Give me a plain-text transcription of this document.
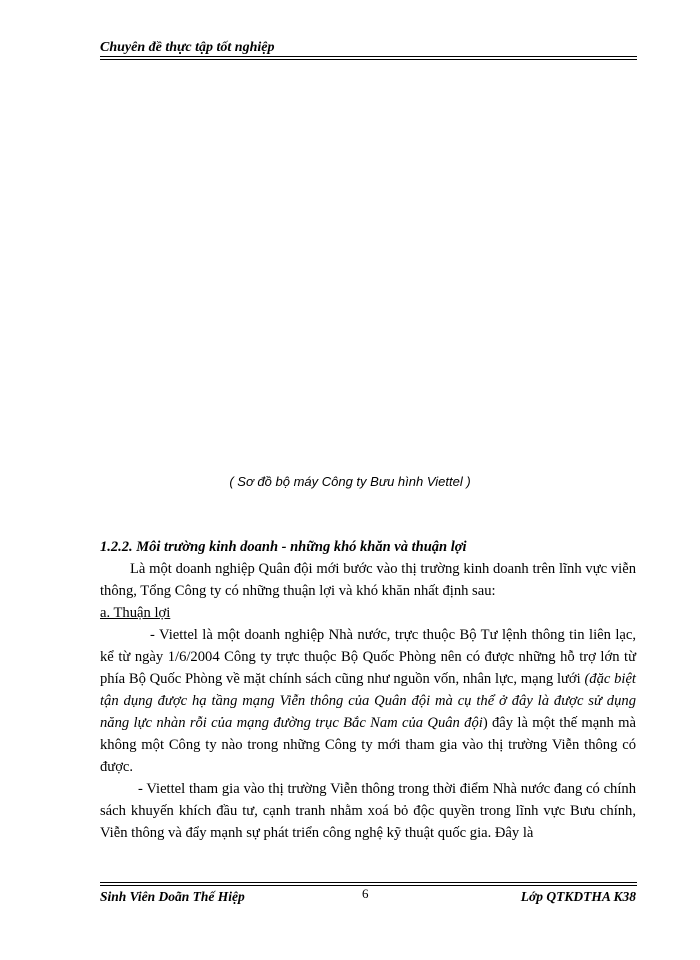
Chuyên đề thực tập tốt nghiệp
( Sơ đồ bộ máy Công ty Bưu hình Viettel )

1.2.2. Môi trường kinh doanh - những khó khăn và thuận lợi

Là một doanh nghiệp Quân đội mới bước vào thị trường kinh doanh trên lĩnh vực viễn thông, Tổng Công ty có những thuận lợi và khó khăn nhất định sau:

a. Thuận lợi

- Viettel là một doanh nghiệp Nhà nước, trực thuộc Bộ Tư lệnh thông tin liên lạc, kể từ ngày 1/6/2004 Công ty trực thuộc Bộ Quốc Phòng nên có được những hỗ trợ lớn từ phía Bộ Quốc Phòng về mặt chính sách cũng như nguồn vốn, nhân lực, mạng lưới (đặc biệt tận dụng được hạ tầng mạng Viễn thông của Quân đội mà cụ thể ở đây là được sử dụng năng lực nhàn rỗi của mạng đường trục Bắc Nam của Quân đội) đây là một thế mạnh mà không một Công ty nào trong những Công ty mới tham gia vào thị trường Viễn thông có được.

- Viettel tham gia vào thị trường Viễn thông trong thời điểm Nhà nước đang có chính sách khuyến khích đầu tư, cạnh tranh nhằm xoá bỏ độc quyền trong lĩnh vực Bưu chính, Viễn thông và đẩy mạnh sự phát triển công nghệ kỹ thuật quốc gia. Đây là

Sinh Viên Doãn Thế Hiệp	6	Lớp QTKDTHA K38
